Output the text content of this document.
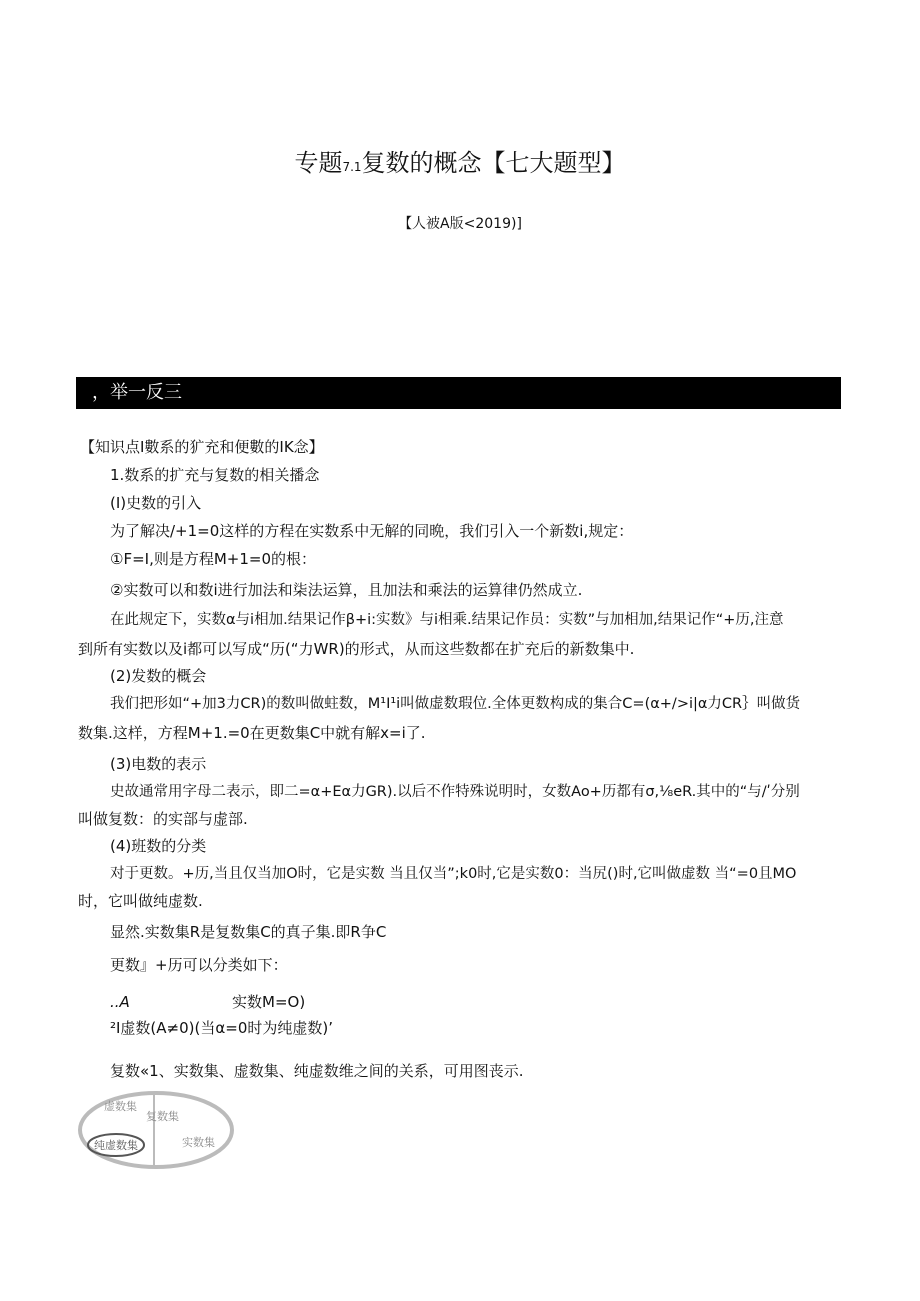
专题7.1复数的概念【七大题型】
【人被A版<2019)]
，举一反三
【知识点I數系的犷充和便數的IK念】
1.数系的扩充与复数的相关播念
(I)史数的引入
为了解决/+1=0这样的方程在实数系中无解的同晩，我们引入一个新数i,规定：
①F=I,则是方程M+1=0的根：
②实数可以和数i进行加法和柒法运算，且加法和乘法的运算律仍然成立.
在此规定下，实数α与i相加.结果记作β+i:实数》与i相乘.结果记作员：实数”与加相加,结果记作“+历,注意
到所有实数以及i都可以写成“历(“力WR)的形式，从而这些数都在扩充后的新数集中.
(2)发数的概会
我们把形如“+加3力CR)的数叫做蛀数，M¹I¹i叫做虚数瑕位.全体更数构成的集合C=(α+/>i|α力CR｝叫做货
数集.这样，方程M+1.=0在更数集C中就有解x=i了.
(3)电数的表示
史故通常用字母二表示，即二=α+Eα力GR).以后不作特殊说明时，女数Ao+历都有σ,⅛eR.其中的“与/ʹ分别
叫做复数：的实部与虚部.
(4)班数的分类
对于更数。+历,当且仅当加O时，它是实数 当且仅当”;k0时,它是实数0：当尻()时,它叫做虚数 当“=0且MO
时，它叫做纯虚数.
显然.实数集R是复数集C的真子集.即R争C
更数』+历可以分类如下：
..A	实数M=O)
²I虚数(A≠0)(当α=0时为纯虚数)’
复数«1、实数集、虚数集、纯虚数维之间的关系，可用图丧示.
虚数集
复数集
纯虚数集	实数集
